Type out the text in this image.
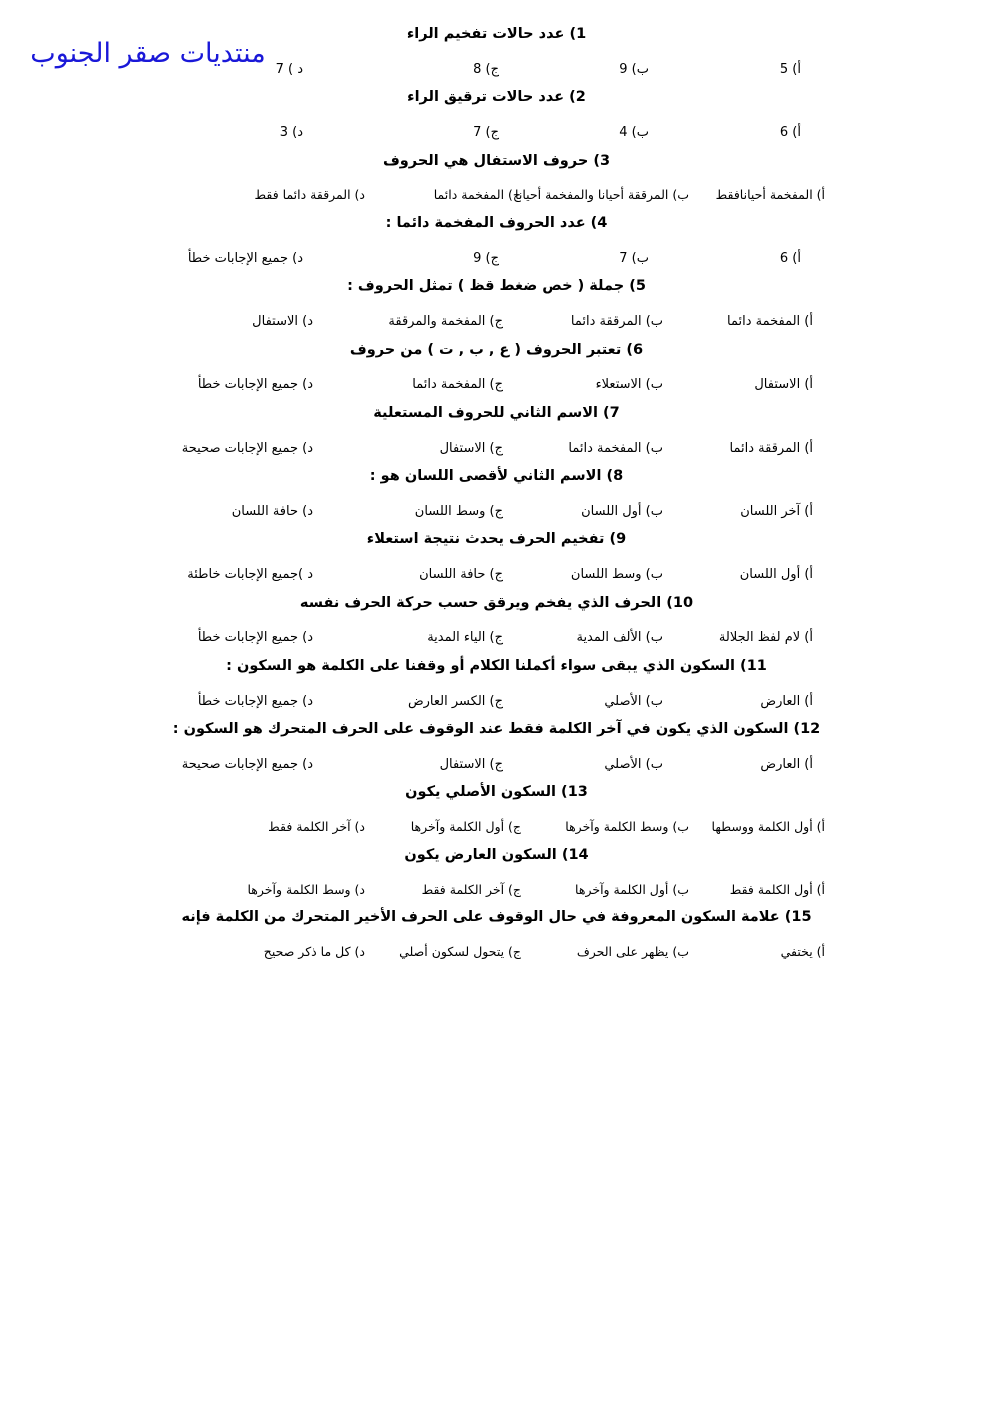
منتديات صقر الجنوب
1) عدد حالات تفخيم الراء
أ) 5
ب) 9
ج) 8
د ) 7
2) عدد حالات ترقيق الراء
أ) 6
ب) 4
ج) 7
د) 3
3) حروف الاستفال هي الحروف
أ) المفخمة أحيانافقط
ب) المرققة أحيانا والمفخمة أحيانا
ج) المفخمة دائما
د) المرققة دائما فقط
4) عدد الحروف المفخمة دائما :
أ) 6
ب) 7
ج) 9
د) جميع الإجابات خطأ
5) جملة ( خص ضغط قظ ) تمثل الحروف :
أ) المفخمة دائما
ب) المرققة دائما
ج) المفخمة والمرققة
د) الاستفال
6) تعتبر الحروف ( ع , ب , ت ) من حروف
أ) الاستفال
ب) الاستعلاء
ج) المفخمة دائما
د) جميع الإجابات خطأ
7) الاسم الثاني للحروف المستعلية
أ) المرققة دائما
ب) المفخمة دائما
ج) الاستفال
د) جميع الإجابات صحيحة
8) الاسم الثاني لأقصى اللسان هو :
أ) آخر اللسان
ب) أول اللسان
ج) وسط اللسان
د) حافة اللسان
9) تفخيم الحرف يحدث نتيجة استعلاء
أ) أول اللسان
ب) وسط اللسان
ج) حافة اللسان
د )جميع الإجابات خاطئة
10) الحرف الذي يفخم ويرقق حسب حركة الحرف نفسه
أ) لام لفظ الجلالة
ب) الألف المدية
ج) الياء المدية
د) جميع الإجابات خطأ
11) السكون الذي يبقى سواء أكملنا الكلام أو وقفنا على الكلمة هو السكون :
أ) العارض
ب) الأصلي
ج) الكسر العارض
د) جميع الإجابات خطأ
12) السكون الذي يكون في آخر الكلمة فقط عند الوقوف على الحرف المتحرك هو السكون :
أ) العارض
ب) الأصلي
ج) الاستفال
د) جميع الإجابات صحيحة
13) السكون الأصلي يكون
أ) أول الكلمة ووسطها
ب) وسط الكلمة وآخرها
ج) أول الكلمة وآخرها
د) آخر الكلمة فقط
14) السكون العارض يكون
أ) أول الكلمة فقط
ب) أول الكلمة وآخرها
ج) آخر الكلمة فقط
د) وسط الكلمة وآخرها
15) علامة السكون المعروفة في حال الوقوف على الحرف الأخير المتحرك من الكلمة فإنه
أ) يختفي
ب) يظهر على الحرف
ج) يتحول لسكون أصلي
د) كل ما ذكر صحيح
